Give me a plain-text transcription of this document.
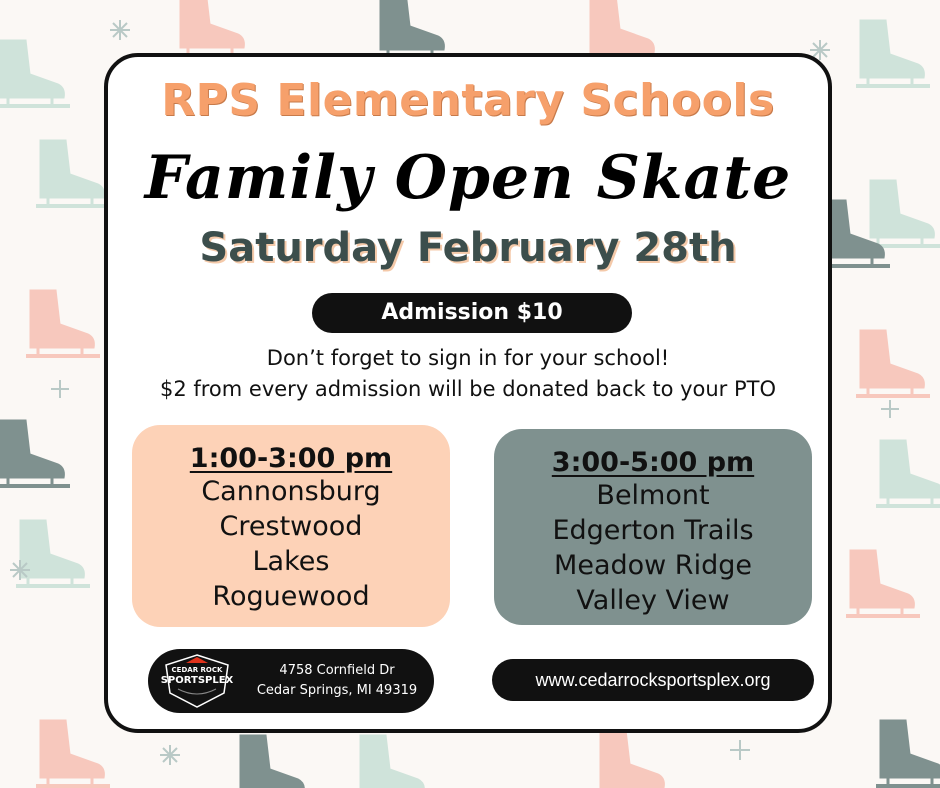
RPS Elementary Schools
Family Open Skate
Saturday February 28th
Admission $10
Don’t forget to sign in for your school!
$2 from every admission will be donated back to your PTO
1:00-3:00 pm
Cannonsburg
Crestwood
Lakes
Roguewood
3:00-5:00 pm
Belmont
Edgerton Trails
Meadow Ridge
Valley View
CEDAR ROCK
SPORTSPLEX
4758 Cornfield Dr
Cedar Springs, MI 49319
www.cedarrocksportsplex.org
